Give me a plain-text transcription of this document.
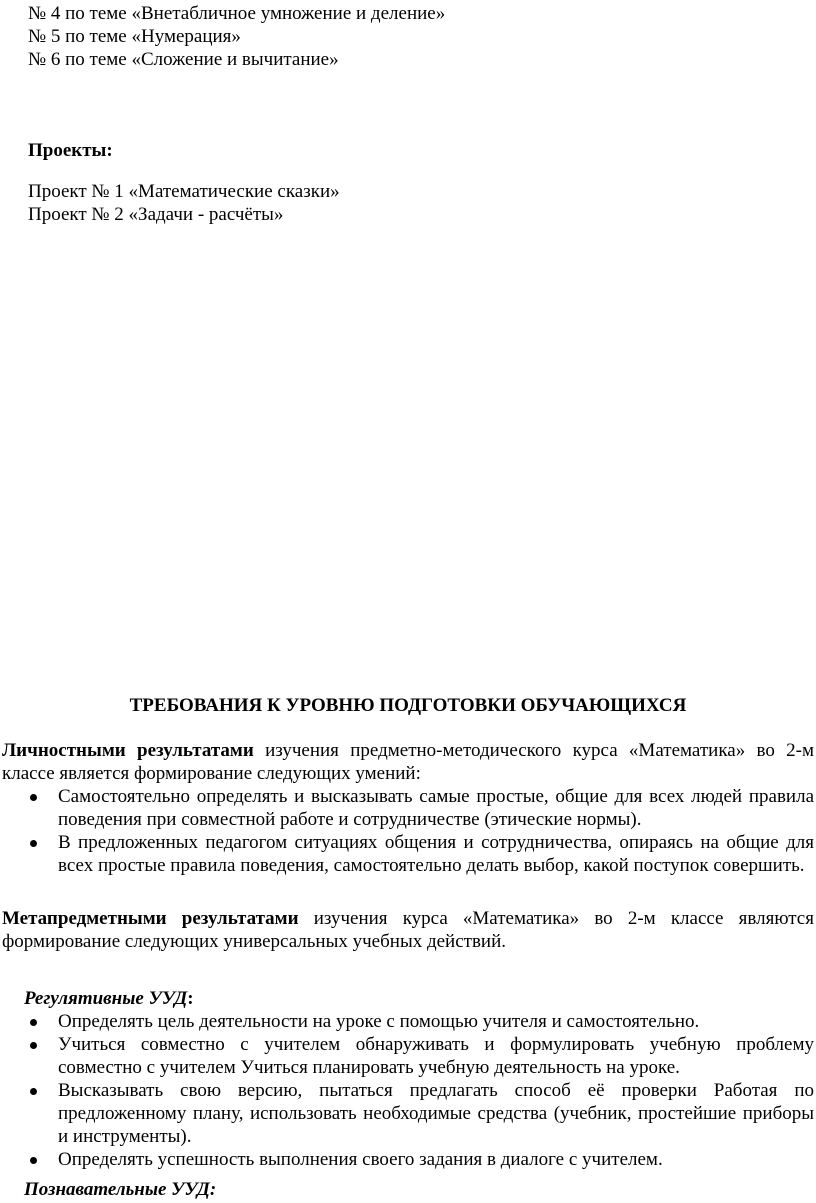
№ 4 по теме «Внетабличное умножение и деление»
№ 5 по теме «Нумерация»
№ 6 по теме «Сложение и вычитание»
Проекты:
Проект № 1 «Математические сказки»
Проект № 2 «Задачи - расчёты»
ТРЕБОВАНИЯ К УРОВНЮ ПОДГОТОВКИ ОБУЧАЮЩИХСЯ
Личностными результатами изучения предметно-методического курса «Математика» во 2-м классе является формирование следующих умений:
Самостоятельно определять и высказывать самые простые, общие для всех людей правила поведения при совместной работе и сотрудничестве (этические нормы).
В предложенных педагогом ситуациях общения и сотрудничества, опираясь на общие для всех простые правила поведения, самостоятельно делать выбор, какой поступок совершить.
Метапредметными результатами изучения курса «Математика» во 2-м классе являются формирование следующих универсальных учебных действий.
Регулятивные УУД:
Определять цель деятельности на уроке с помощью учителя и самостоятельно.
Учиться совместно с учителем обнаруживать и формулировать учебную проблему совместно с учителем Учиться планировать учебную деятельность на уроке.
Высказывать свою версию, пытаться предлагать способ её проверки Работая по предложенному плану, использовать необходимые средства (учебник, простейшие приборы и инструменты).
Определять успешность выполнения своего задания в диалоге с учителем.
Познавательные УУД:
